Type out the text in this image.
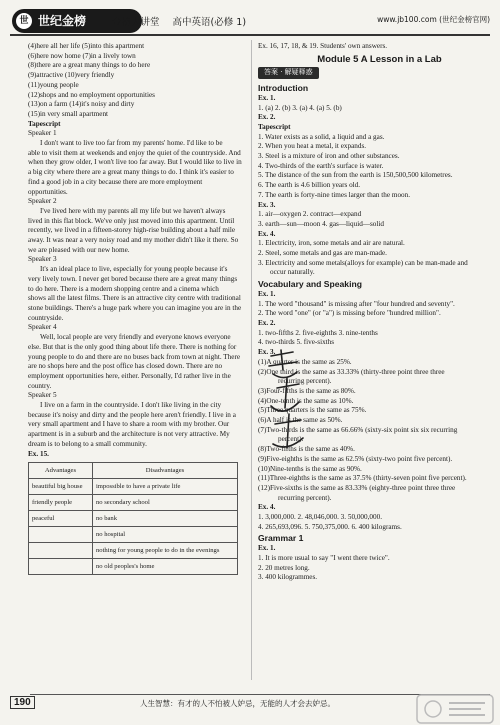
世 世纪金榜	金榜大讲堂 高中英语(必修 1)	www.jb100.com (世纪金榜官网)
(4)here all her life (5)into this apartment
(6)here now home (7)in a lively town
(8)there are a great many things to do here
(9)attractive (10)very friendly
(11)young people
(12)shops and no employment opportunities
(13)on a farm (14)it's noisy and dirty
(15)in very small apartment
Tapescript
Speaker 1
I don't want to live too far from my parents' home. I'd like to be
able to visit them at weekends and enjoy the quiet of the countryside. And
when they grow older, I won't live too far away. But I would like to live in
a big city where there are a great many things to do. I think it's easier to
find a good job in a city because there are more employment
opportunities.
Speaker 2
I've lived here with my parents all my life but we haven't always
lived in this flat block. We've only just moved into this apartment. Until
recently, we lived in a fifteen-storey high-rise building about a half mile
away. It was near a very noisy road and my mother didn't like it there. So
we are pleased with our new home.
Speaker 3
It's an ideal place to live, especially for young people because it's
very lively town. I never get bored because there are a great many things
to do here. There is a modern shopping centre and a cinema which
shows all the latest films. There is an attractive city centre with traditional
stone buildings. There's a huge park where you can imagine you are in the
countryside.
Speaker 4
Well, local people are very friendly and everyone knows everyone
else. But that is the only good thing about life there. There is nothing for
young people to do and there are no buses back from town at night. There
are no shops here and the post office has closed down. There are no
employment opportunities here, either. Personally, I'd rather live in the
country.
Speaker 5
I live on a farm in the countryside. I don't like living in the city
because it's noisy and dirty and the people here aren't friendly. I live in a
very small apartment and I have to share a room with my brother. Our
apartment is in a suburb and the architecture is not very attractive. My
dream is to belong to a small community.
Ex. 15.
Advantages	Disadvantages
beautiful big house	impossible to have a private life
friendly people	no secondary school
peaceful	no bank
	no hospital
	nothing for young people to do in the evenings
	no old peoples's home
Ex. 16, 17, 18, & 19. Students' own answers.
Module 5 A Lesson in a Lab
答案 · 解疑释惑
Introduction
Ex. 1.
1. (a) 2. (b) 3. (a) 4. (a) 5. (b)
Ex. 2.
Tapescript
1. Water exists as a solid, a liquid and a gas.
2. When you heat a metal, it expands.
3. Steel is a mixture of iron and other substances.
4. Two-thirds of the earth's surface is water.
5. The distance of the sun from the earth is 150,500,500 kilometres.
6. The earth is 4.6 billion years old.
7. The earth is forty-nine times larger than the moon.
Ex. 3.
1. air—oxygen 2. contract—expand
3. earth—sun—moon 4. gas—liquid—solid
Ex. 4.
1. Electricity, iron, some metals and air are natural.
2. Steel, some metals and gas are man-made.
3. Electricity and some metals(alloys for example) can be man-made and
occur naturally.
Vocabulary and Speaking
Ex. 1.
1. The word "thousand" is missing after "four hundred and seventy".
2. The word "one" (or "a") is missing before "hundred million".
Ex. 2.
1. two-fifths 2. five-eighths 3. nine-tenths
4. two-thirds 5. five-sixths
Ex. 3.
(1)A quarter is the same as 25%.
(2)One third is the same as 33.33% (thirty-three point three three
recurring percent).
(3)Four-fifths is the same as 80%.
(4)One-tenth is the same as 10%.
(5)Three quarters is the same as 75%.
(6)A half is the same as 50%.
(7)Two-thirds is the same as 66.66% (sixty-six point six six recurring
percent).
(8)Two-fifths is the same as 40%.
(9)Five-eighths is the same as 62.5% (sixty-two point five percent).
(10)Nine-tenths is the same as 90%.
(11)Three-eighths is the same as 37.5% (thirty-seven point five percent).
(12)Five-sixths is the same as 83.33% (eighty-three point three three
recurring percent).
Ex. 4.
1. 3,000,000. 2. 48,046,000. 3. 50,000,000.
4. 265,693,096. 5. 750,375,000. 6. 400 kilograms.
Grammar 1
Ex. 1.
1. It is more usual to say "I went there twice".
2. 20 metres long.
3. 400 kilogrammes.
190	人生智慧：有才的人不怕被人妒忌，无能的人才会去妒忌。
